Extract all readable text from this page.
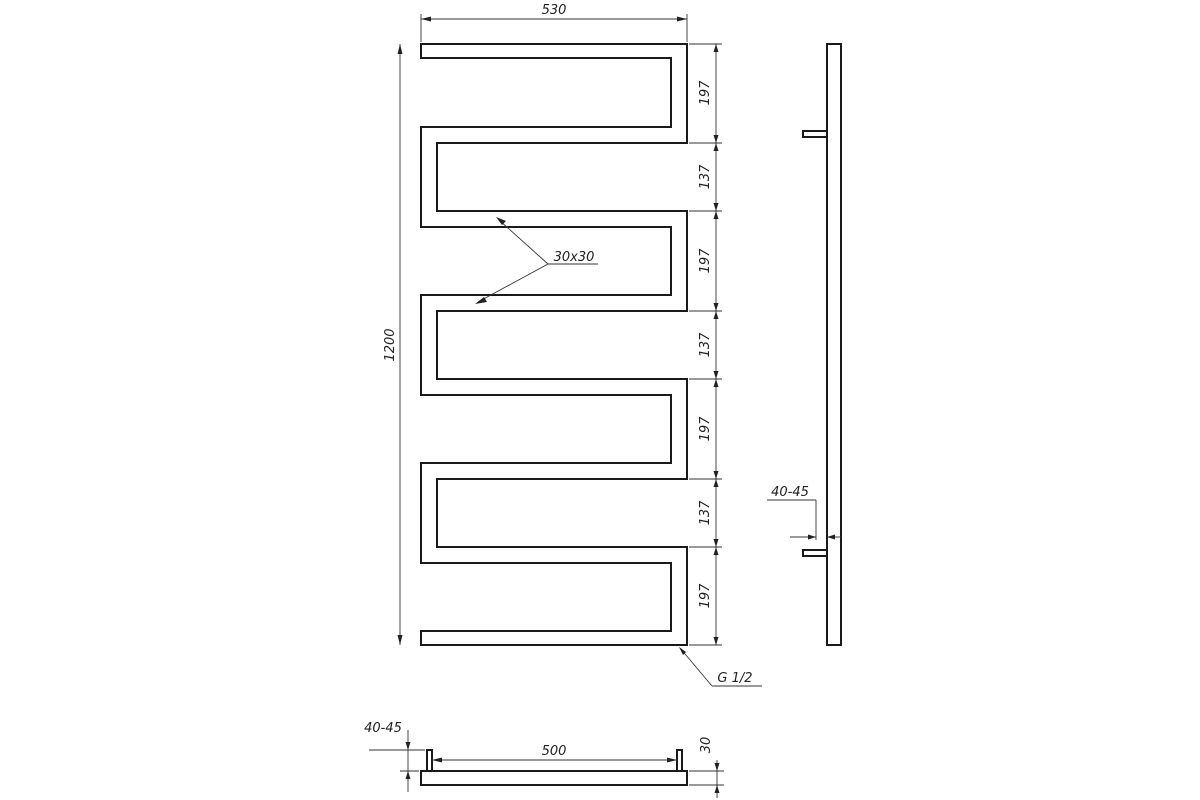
530
1200
197
137
197
137
197
137
197
30x30
G 1/2
40-45
500	30
40-45
